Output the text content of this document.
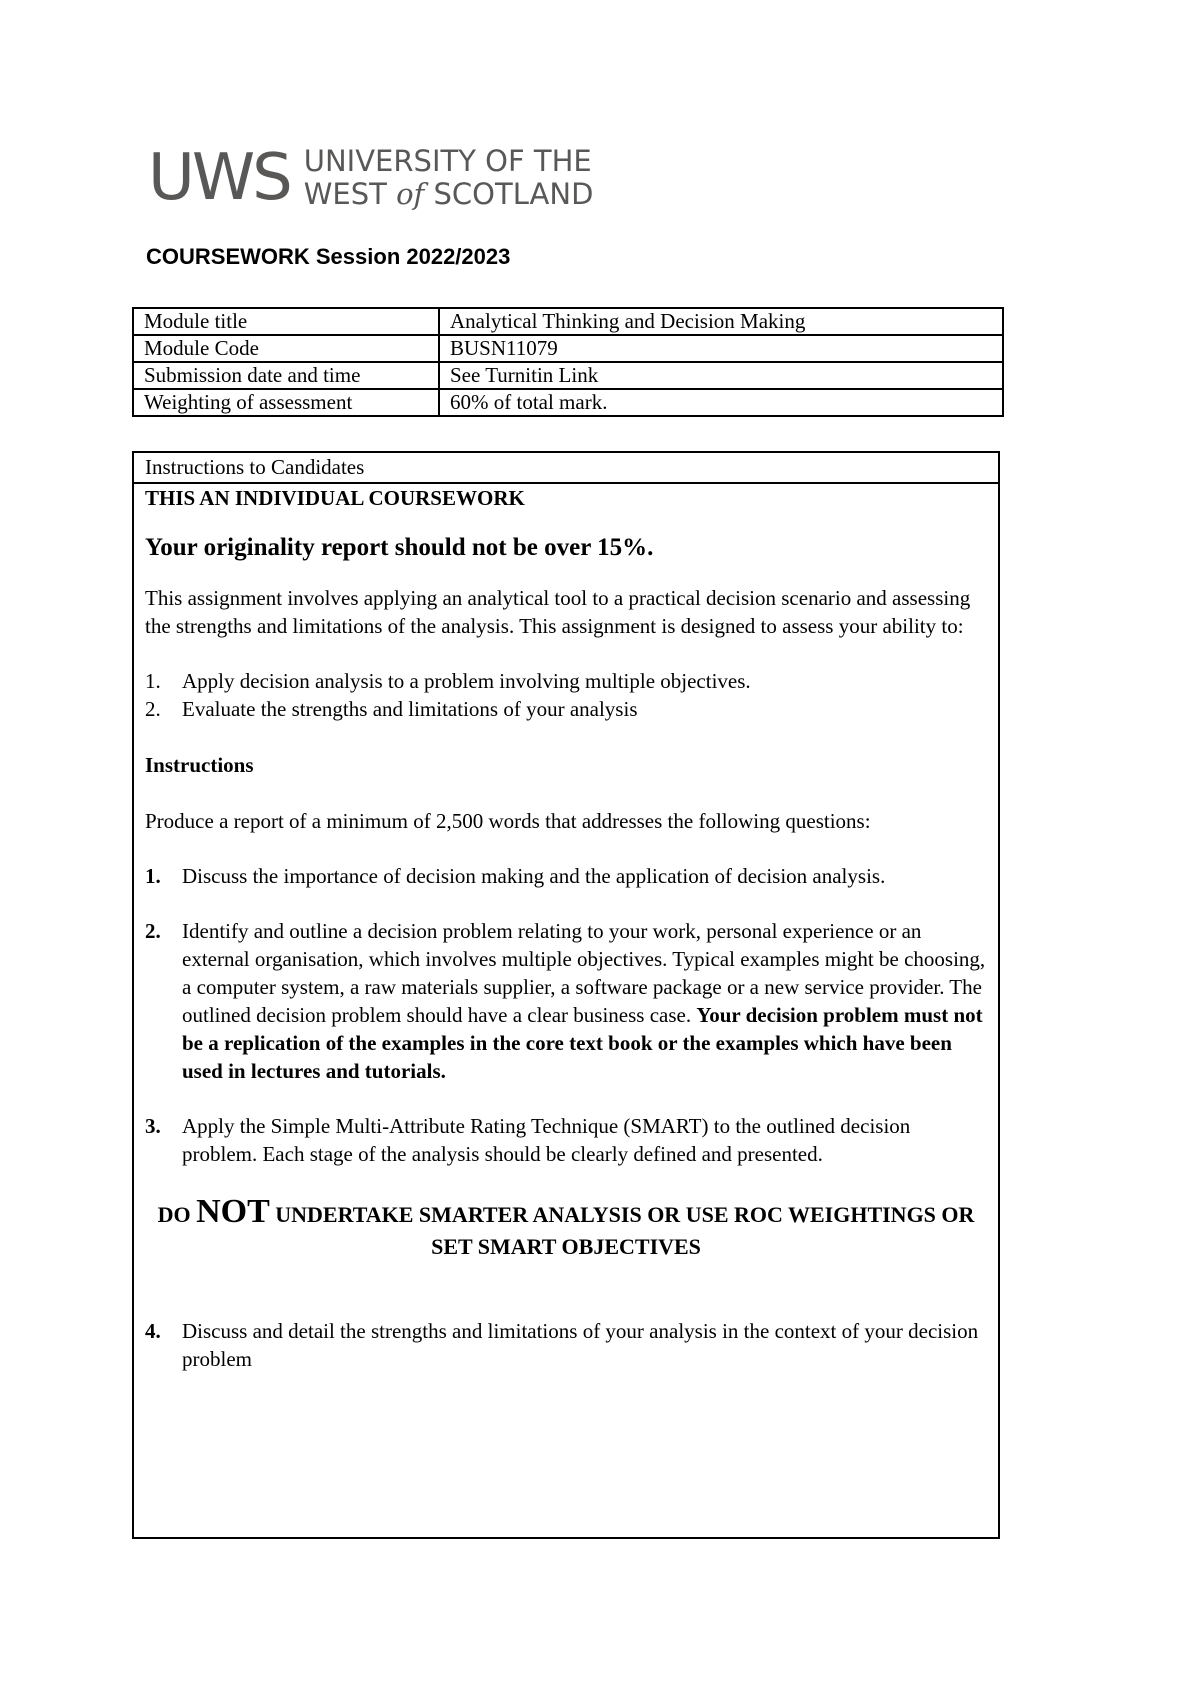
UWS UNIVERSITY OF THE
WEST of SCOTLAND
COURSEWORK Session 2022/2023
Module title	Analytical Thinking and Decision Making
Module Code	BUSN11079
Submission date and time	See Turnitin Link
Weighting of assessment	60% of total mark.
Instructions to Candidates

THIS AN INDIVIDUAL COURSEWORK

Your originality report should not be over 15%.

This assignment involves applying an analytical tool to a practical decision scenario and assessing the strengths and limitations of the analysis. This assignment is designed to assess your ability to:

1.	Apply decision analysis to a problem involving multiple objectives.
2.	Evaluate the strengths and limitations of your analysis

Instructions

Produce a report of a minimum of 2,500 words that addresses the following questions:

1.	Discuss the importance of decision making and the application of decision analysis.
2.	Identify and outline a decision problem relating to your work, personal experience or an external organisation, which involves multiple objectives. Typical examples might be choosing, a computer system, a raw materials supplier, a software package or a new service provider. The outlined decision problem should have a clear business case. Your decision problem must not be a replication of the examples in the core text book or the examples which have been used in lectures and tutorials.
3.	Apply the Simple Multi-Attribute Rating Technique (SMART) to the outlined decision problem. Each stage of the analysis should be clearly defined and presented.

DO NOT UNDERTAKE SMARTER ANALYSIS OR USE ROC WEIGHTINGS OR SET SMART OBJECTIVES

4.	Discuss and detail the strengths and limitations of your analysis in the context of your decision problem
